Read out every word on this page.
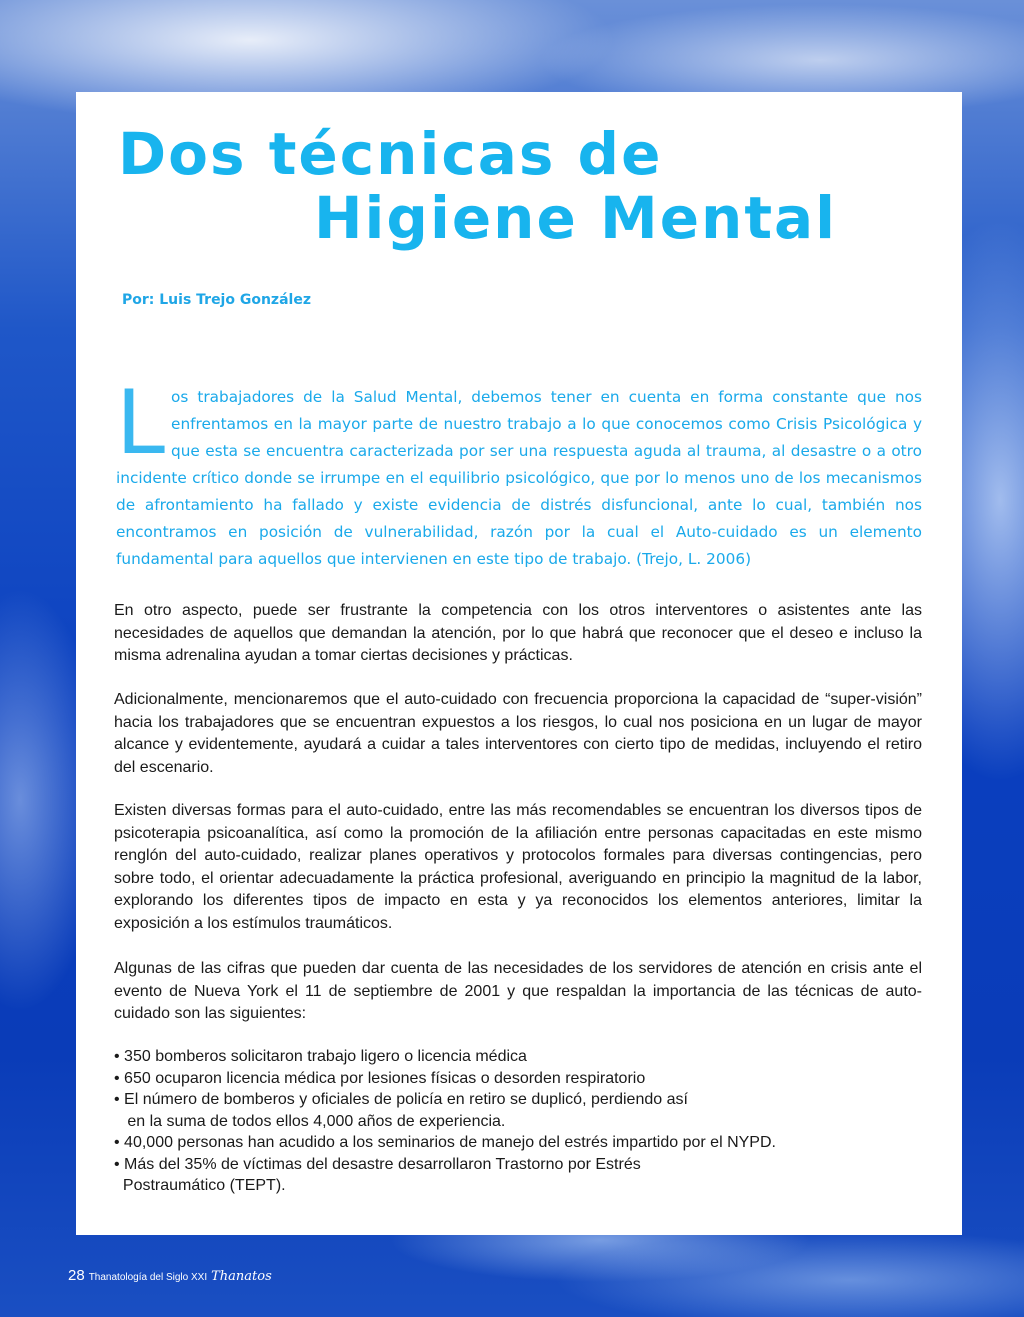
Dos técnicas de
Higiene Mental
Por: Luis Trejo González

Los trabajadores de la Salud Mental, debemos tener en cuenta en forma constante que nos enfrentamos en la mayor parte de nuestro trabajo a lo que conocemos como Crisis Psicológica y que esta se encuentra caracterizada por ser una respuesta aguda al trauma, al desastre o a otro incidente crítico donde se irrumpe en el equilibrio psicológico, que por lo menos uno de los mecanismos de afrontamiento ha fallado y existe evidencia de distrés disfuncional, ante lo cual, también nos encontramos en posición de vulnerabilidad, razón por la cual el Auto-cuidado es un elemento fundamental para aquellos que intervienen en este tipo de trabajo. (Trejo, L. 2006)

En otro aspecto, puede ser frustrante la competencia con los otros interventores o asistentes ante las necesidades de aquellos que demandan la atención, por lo que habrá que reconocer que el deseo e incluso la misma adrenalina ayudan a tomar ciertas decisiones y prácticas.

Adicionalmente, mencionaremos que el auto-cuidado con frecuencia proporciona la capacidad de “super-visión” hacia los trabajadores que se encuentran expuestos a los riesgos, lo cual nos posiciona en un lugar de mayor alcance y evidentemente, ayudará a cuidar a tales interventores con cierto tipo de medidas, incluyendo el retiro del escenario.

Existen diversas formas para el auto-cuidado, entre las más recomendables se encuentran los diversos tipos de psicoterapia psicoanalítica, así como la promoción de la afiliación entre personas capacitadas en este mismo renglón del auto-cuidado, realizar planes operativos y protocolos formales para diversas contingencias, pero sobre todo, el orientar adecuadamente la práctica profesional, averiguando en principio la magnitud de la labor, explorando los diferentes tipos de impacto en esta y ya reconocidos los elementos anteriores, limitar la exposición a los estímulos traumáticos.

Algunas de las cifras que pueden dar cuenta de las necesidades de los servidores de atención en crisis ante el evento de Nueva York el 11 de septiembre de 2001 y que respaldan la importancia de las técnicas de auto-cuidado son las siguientes:

• 350 bomberos solicitaron trabajo ligero o licencia médica
• 650 ocuparon licencia médica por lesiones físicas o desorden respiratorio
• El número de bomberos y oficiales de policía en retiro se duplicó, perdiendo así
en la suma de todos ellos 4,000 años de experiencia.
• 40,000 personas han acudido a los seminarios de manejo del estrés impartido por el NYPD.
• Más del 35% de víctimas del desastre desarrollaron Trastorno por Estrés
Postraumático (TEPT).
28 Thanatología del Siglo XXI Thanatos
